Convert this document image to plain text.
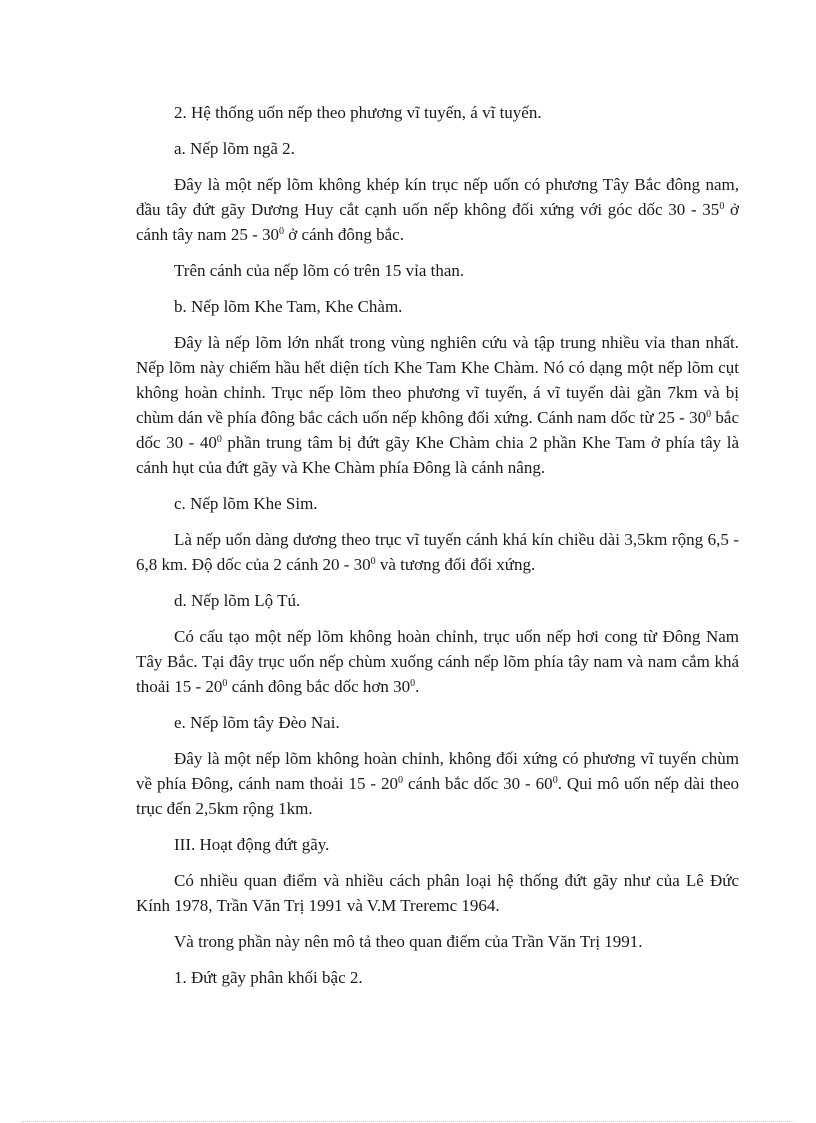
2. Hệ thống uốn nếp theo phương vĩ tuyến, á vĩ tuyến.

a. Nếp lõm ngã 2.

Đây là một nếp lõm không khép kín trục nếp uốn có phương Tây Bắc đông nam, đầu tây đứt gãy Dương Huy cắt cạnh uốn nếp không đối xứng với góc dốc $30 - 35^0$ ở cánh tây nam $25 - 30^0$ ở cánh đông bắc.

Trên cánh của nếp lõm có trên 15 vỉa than.

b. Nếp lõm Khe Tam, Khe Chàm.

Đây là nếp lõm lớn nhất trong vùng nghiên cứu và tập trung nhiều vỉa than nhất. Nếp lõm này chiếm hầu hết diện tích Khe Tam Khe Chàm. Nó có dạng một nếp lõm cụt không hoàn chỉnh. Trục nếp lõm theo phương vĩ tuyến, á vĩ tuyến dài gần 7km và bị chùm dán về phía đông bắc cách uốn nếp không đối xứng. Cánh nam dốc từ $25 - 30^0$ bắc dốc $30 - 40^0$ phần trung tâm bị đứt gãy Khe Chàm chia 2 phần Khe Tam ở phía tây là cánh hụt của đứt gãy và Khe Chàm phía Đông là cánh nâng.

c. Nếp lõm Khe Sim.

Là nếp uốn dàng dương theo trục vĩ tuyến cánh khá kín chiều dài 3,5km rộng 6,5 - 6,8 km. Độ dốc của 2 cánh $20 - 30^0$ và tương đối đối xứng.

d. Nếp lõm Lộ Tú.

Có cấu tạo một nếp lõm không hoàn chỉnh, trục uốn nếp hơi cong từ Đông Nam Tây Bắc. Tại đây trục uốn nếp chùm xuống cánh nếp lõm phía tây nam và nam cắm khá thoải $15 - 20^0$ cánh đông bắc dốc hơn $30^0$.

e. Nếp lõm tây Đèo Nai.

Đây là một nếp lõm không hoàn chỉnh, không đối xứng có phương vĩ tuyến chùm về phía Đông, cánh nam thoải $15 - 20^0$ cánh bắc dốc $30 - 60^0$. Qui mô uốn nếp dài theo trục đến 2,5km rộng 1km.

III. Hoạt động đứt gãy.

Có nhiều quan điểm và nhiều cách phân loại hệ thống đứt gãy như của Lê Đức Kính 1978, Trần Văn Trị 1991 và V.M Treremc 1964.

Và trong phần này nên mô tả theo quan điểm của Trần Văn Trị 1991.

1. Đứt gãy phân khối bậc 2.
